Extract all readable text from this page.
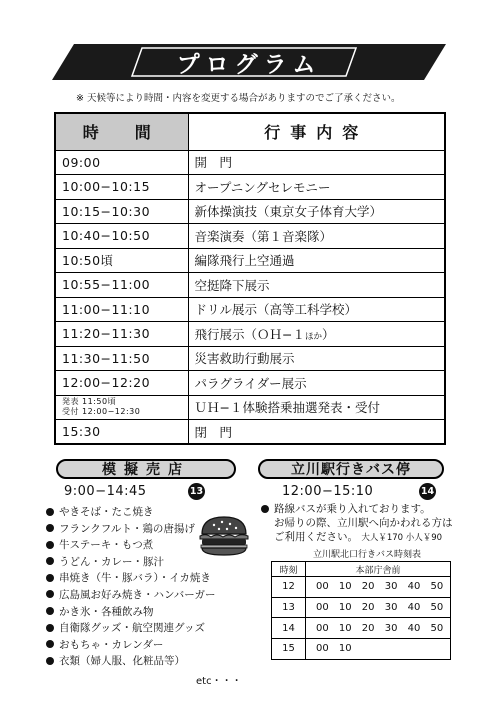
プログラム
※ 天候等により時間・内容を変更する場合がありますのでご了承ください。
時　間	行事内容
09:00	開　門
10:00−10:15	オープニングセレモニー
10:15−10:30	新体操演技（東京女子体育大学）
10:40−10:50	音楽演奏（第１音楽隊）
10:50頃	編隊飛行上空通過
10:55−11:00	空挺降下展示
11:00−11:10	ドリル展示（高等工科学校）
11:20−11:30	飛行展示（ＯＨ−１ほか）
11:30−11:50	災害救助行動展示
12:00−12:20	パラグライダー展示

発表 11:50頃
受付 12:00−12:30	ＵＨ−１体験搭乗抽選発表・受付
15:30	閉　門
模擬売店
9:00−14:45	13
やきそば・たこ焼き
フランクフルト・鶏の唐揚げ
牛ステーキ・もつ煮
うどん・カレー・豚汁
串焼き（牛・豚バラ）・イカ焼き
広島風お好み焼き・ハンバーガー
かき氷・各種飲み物
自衛隊グッズ・航空関連グッズ
おもちゃ・カレンダー
衣類（婦人服、化粧品等）
etc・・・
立川駅行きバス停
12:00−15:10	14
路線バスが乗り入れております。
お帰りの際、立川駅へ向かわれる方は
ご利用ください。 大人￥170 小人￥90
立川駅北口行きバス時刻表
時刻	本部庁舎前
12	00 10 20 30 40 50
13	00 10 20 30 40 50
14	00 10 20 30 40 50
15	00 10
